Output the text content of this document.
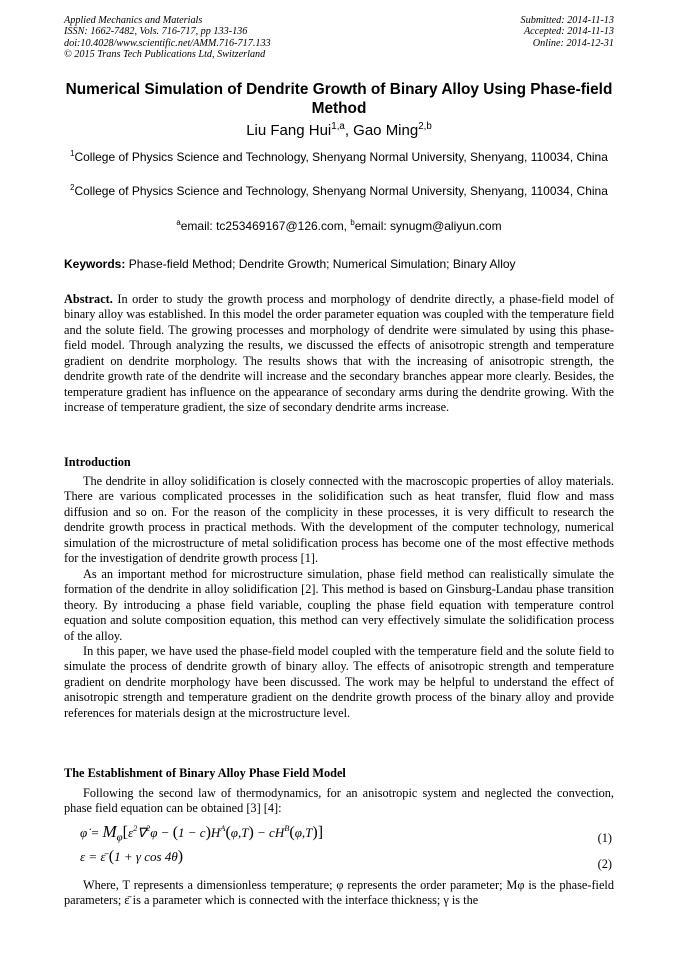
Applied Mechanics and Materials
ISSN: 1662-7482, Vols. 716-717, pp 133-136
doi:10.4028/www.scientific.net/AMM.716-717.133
© 2015 Trans Tech Publications Ltd, Switzerland
Submitted: 2014-11-13
Accepted: 2014-11-13
Online: 2014-12-31
Numerical Simulation of Dendrite Growth of Binary Alloy Using Phase-field Method
Liu Fang Hui$^{1,a}$, Gao Ming$^{2,b}$
$^1$College of Physics Science and Technology, Shenyang Normal University, Shenyang, 110034, China
$^2$College of Physics Science and Technology, Shenyang Normal University, Shenyang, 110034, China
$^a$email: tc253469167@126.com, $^b$email: synugm@aliyun.com
Keywords: Phase-field Method; Dendrite Growth; Numerical Simulation; Binary Alloy
Abstract. In order to study the growth process and morphology of dendrite directly, a phase-field model of binary alloy was established. In this model the order parameter equation was coupled with the temperature field and the solute field. The growing processes and morphology of dendrite were simulated by using this phase-field model. Through analyzing the results, we discussed the effects of anisotropic strength and temperature gradient on dendrite morphology. The results shows that with the increasing of anisotropic strength, the dendrite growth rate of the dendrite will increase and the secondary branches appear more clearly. Besides, the temperature gradient has influence on the appearance of secondary arms during the dendrite growing. With the increase of temperature gradient, the size of secondary dendrite arms increase.
Introduction

The dendrite in alloy solidification is closely connected with the macroscopic properties of alloy materials. There are various complicated processes in the solidification such as heat transfer, fluid flow and mass diffusion and so on. For the reason of the complicity in these processes, it is very difficult to research the dendrite growth process in practical methods. With the development of the computer technology, numerical simulation of the microstructure of metal solidification process has become one of the most effective methods for the investigation of dendrite growth process [1].

As an important method for microstructure simulation, phase field method can realistically simulate the formation of the dendrite in alloy solidification [2]. This method is based on Ginsburg-Landau phase transition theory. By introducing a phase field variable, coupling the phase field equation with temperature control equation and solute composition equation, this method can very effectively simulate the solidification process of the alloy.

In this paper, we have used the phase-field model coupled with the temperature field and the solute field to simulate the process of dendrite growth of binary alloy. The effects of anisotropic strength and temperature gradient on dendrite morphology have been discussed. The work may be helpful to understand the effect of anisotropic strength and temperature gradient on the dendrite growth process of the binary alloy and provide references for materials design at the microstructure level.

The Establishment of Binary Alloy Phase Field Model

Following the second law of thermodynamics, for an anisotropic system and neglected the convection, phase field equation can be obtained [3] [4]:

φ̇ = $M_\varphi[\varepsilon^2\nabla^2\varphi - (1 - c)H^A(\varphi,T) - cH^B(\varphi,T)]$	(1)
ε = ε̄ (1 + γ cos 4θ)	(2)

Where, T represents a dimensionless temperature; φ represents the order parameter; Mφ is the phase-field parameters; ε̄ is a parameter which is connected with the interface thickness; γ is the
